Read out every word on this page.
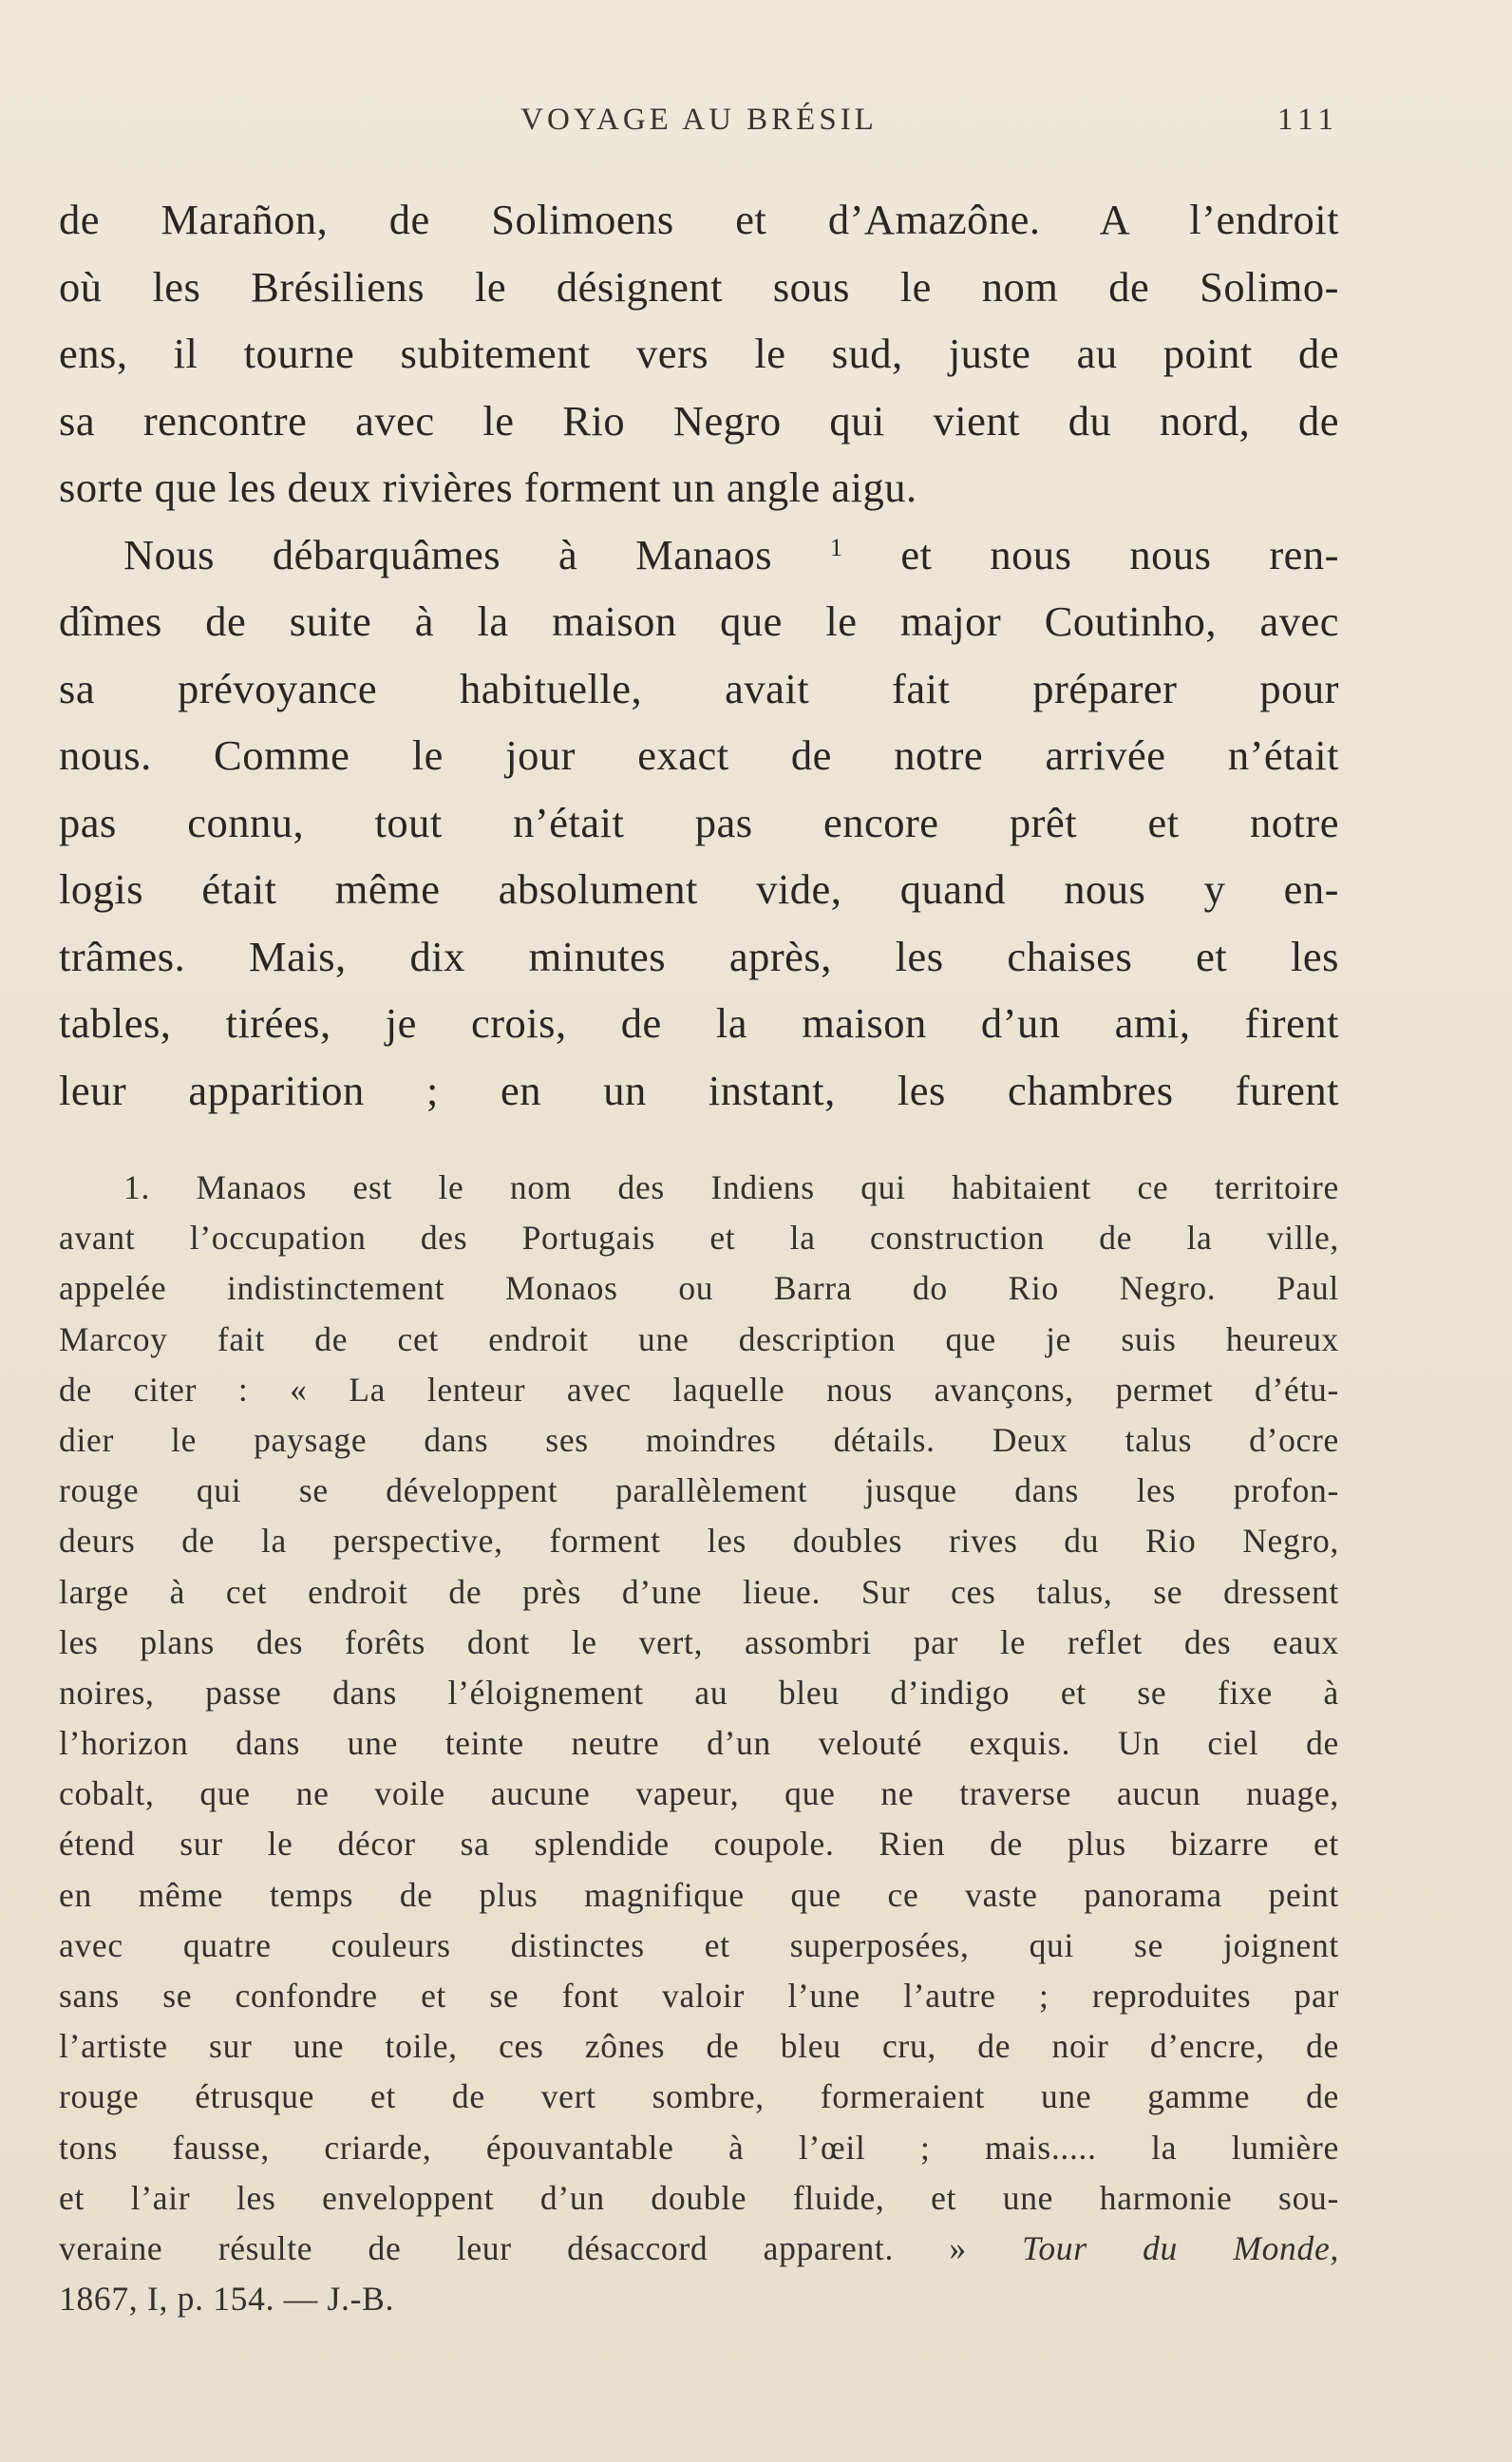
VOYAGE AU BRÉSIL	111
de Marañon, de Solimoens et d’Amazône. A l’endroit
où les Brésiliens le désignent sous le nom de Solimo-
ens, il tourne subitement vers le sud, juste au point de
sa rencontre avec le Rio Negro qui vient du nord, de
sorte que les deux rivières forment un angle aigu.
Nous débarquâmes à Manaos $^1$ et nous nous ren-
dîmes de suite à la maison que le major Coutinho, avec
sa prévoyance habituelle, avait fait préparer pour
nous. Comme le jour exact de notre arrivée n’était
pas connu, tout n’était pas encore prêt et notre
logis était même absolument vide, quand nous y en-
trâmes. Mais, dix minutes après, les chaises et les
tables, tirées, je crois, de la maison d’un ami, firent
leur apparition ; en un instant, les chambres furent
1. Manaos est le nom des Indiens qui habitaient ce territoire
avant l’occupation des Portugais et la construction de la ville,
appelée indistinctement Monaos ou Barra do Rio Negro. Paul
Marcoy fait de cet endroit une description que je suis heureux
de citer : « La lenteur avec laquelle nous avançons, permet d’étu-
dier le paysage dans ses moindres détails. Deux talus d’ocre
rouge qui se développent parallèlement jusque dans les profon-
deurs de la perspective, forment les doubles rives du Rio Negro,
large à cet endroit de près d’une lieue. Sur ces talus, se dressent
les plans des forêts dont le vert, assombri par le reflet des eaux
noires, passe dans l’éloignement au bleu d’indigo et se fixe à
l’horizon dans une teinte neutre d’un velouté exquis. Un ciel de
cobalt, que ne voile aucune vapeur, que ne traverse aucun nuage,
étend sur le décor sa splendide coupole. Rien de plus bizarre et
en même temps de plus magnifique que ce vaste panorama peint
avec quatre couleurs distinctes et superposées, qui se joignent
sans se confondre et se font valoir l’une l’autre ; reproduites par
l’artiste sur une toile, ces zônes de bleu cru, de noir d’encre, de
rouge étrusque et de vert sombre, formeraient une gamme de
tons fausse, criarde, épouvantable à l’œil ; mais..... la lumière
et l’air les enveloppent d’un double fluide, et une harmonie sou-
veraine résulte de leur désaccord apparent. » Tour du Monde,
1867, I, p. 154. — J.-B.
